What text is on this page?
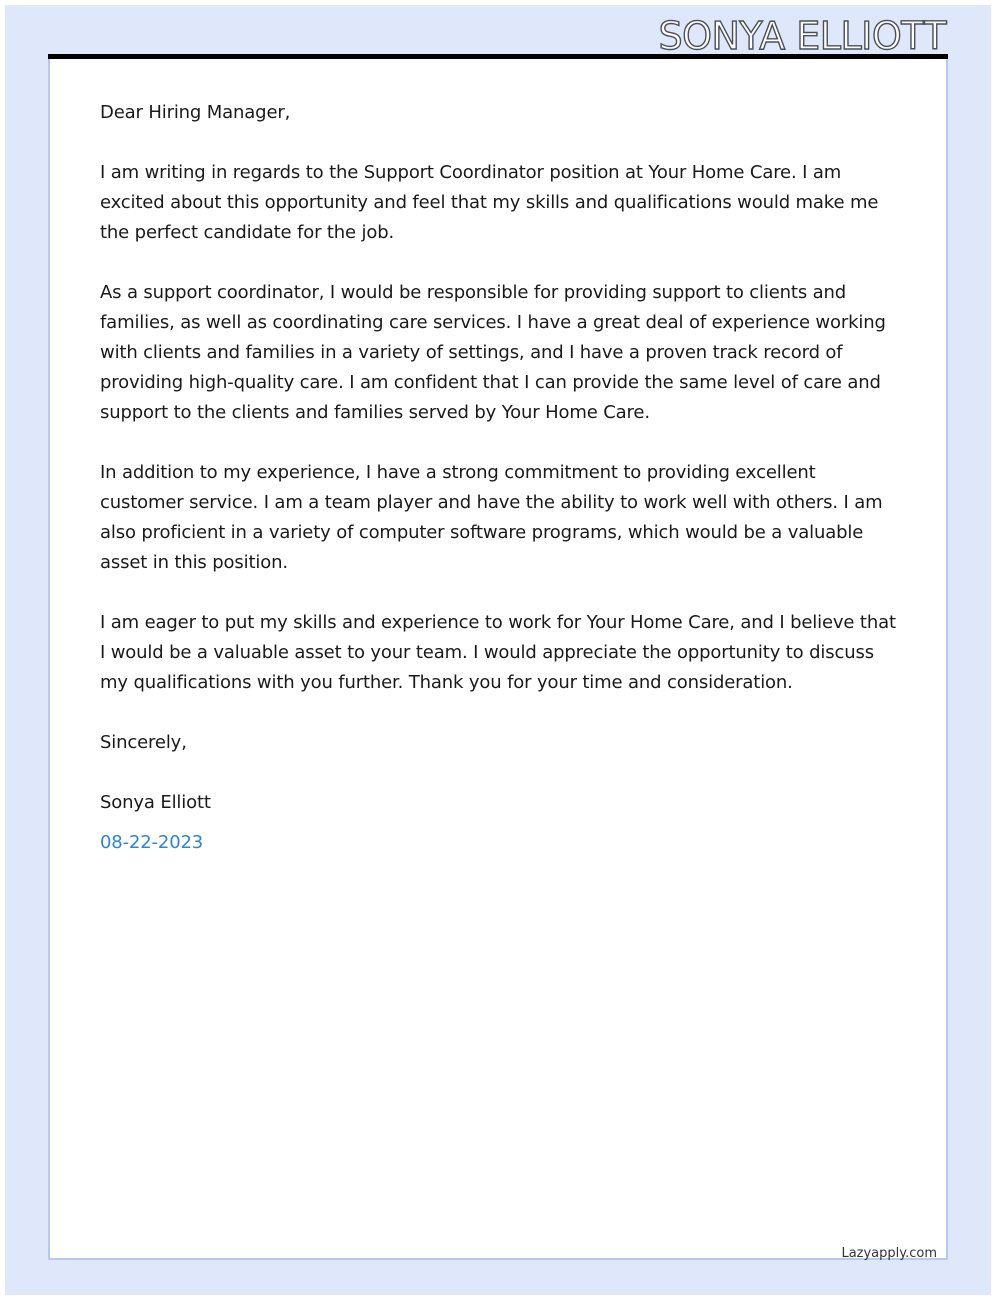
SONYA ELLIOTT

Dear Hiring Manager,

I am writing in regards to the Support Coordinator position at Your Home Care. I am excited about this opportunity and feel that my skills and qualifications would make me the perfect candidate for the job.

As a support coordinator, I would be responsible for providing support to clients and families, as well as coordinating care services. I have a great deal of experience working with clients and families in a variety of settings, and I have a proven track record of providing high-quality care. I am confident that I can provide the same level of care and support to the clients and families served by Your Home Care.

In addition to my experience, I have a strong commitment to providing excellent customer service. I am a team player and have the ability to work well with others. I am also proficient in a variety of computer software programs, which would be a valuable asset in this position.

I am eager to put my skills and experience to work for Your Home Care, and I believe that I would be a valuable asset to your team. I would appreciate the opportunity to discuss my qualifications with you further. Thank you for your time and consideration.

Sincerely,

Sonya Elliott

08-22-2023

Lazyapply.com
